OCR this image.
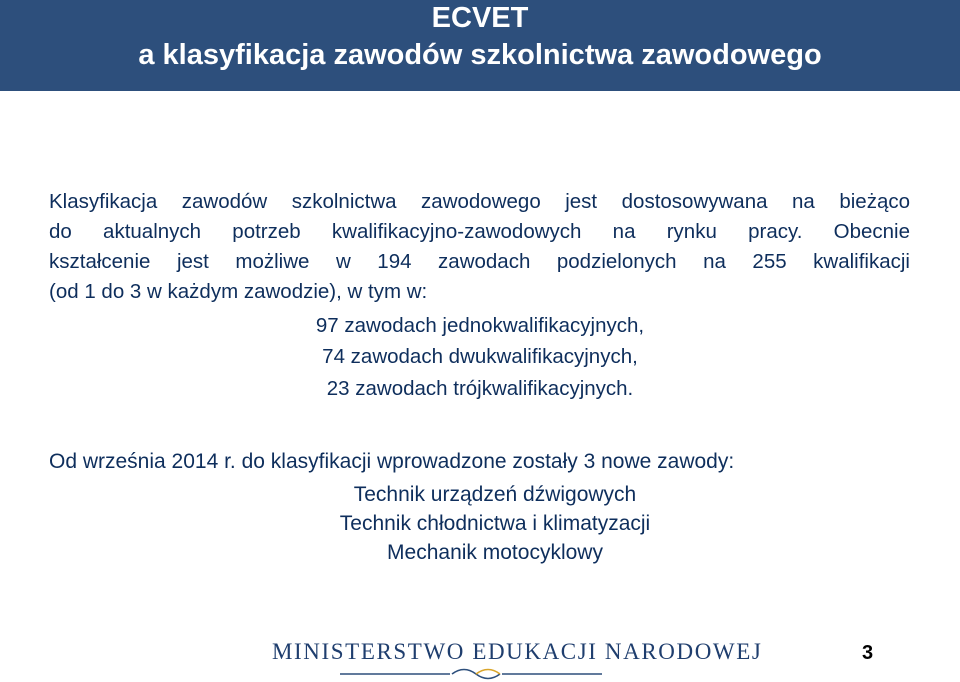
ECVET
a klasyfikacja zawodów szkolnictwa zawodowego
Klasyfikacja zawodów szkolnictwa zawodowego jest dostosowywana na bieżąco
do aktualnych potrzeb kwalifikacyjno-zawodowych na rynku pracy. Obecnie
kształcenie jest możliwe w 194 zawodach podzielonych na 255 kwalifikacji
(od 1 do 3 w każdym zawodzie), w tym w:
97 zawodach jednokwalifikacyjnych,
74 zawodach dwukwalifikacyjnych,
23 zawodach trójkwalifikacyjnych.
Od września 2014 r. do klasyfikacji wprowadzone zostały 3 nowe zawody:
Technik urządzeń dźwigowych
Technik chłodnictwa i klimatyzacji
Mechanik motocyklowy
MINISTERSTWO EDUKACJI NARODOWEJ	3
